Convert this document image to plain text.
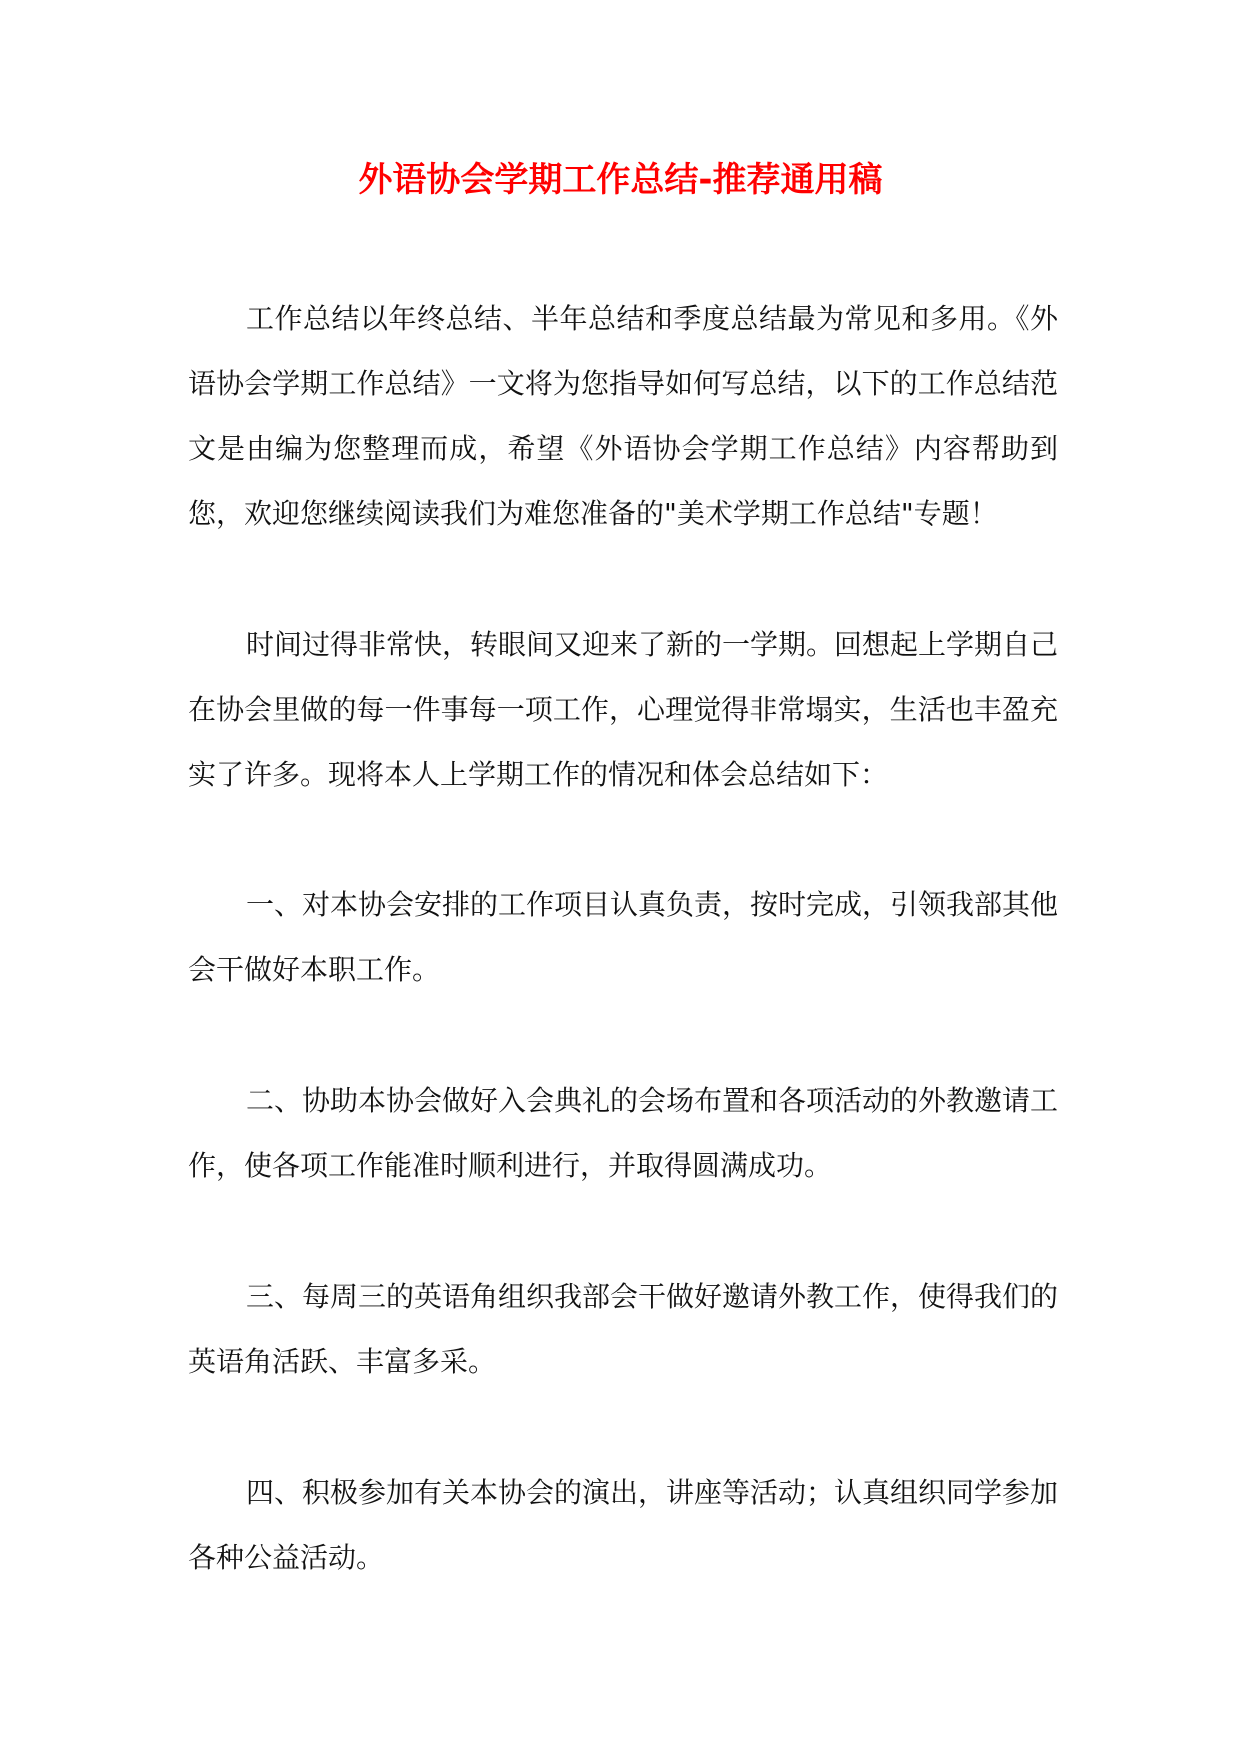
外语协会学期工作总结-推荐通用稿

工作总结以年终总结、半年总结和季度总结最为常见和多用。《外语协会学期工作总结》一文将为您指导如何写总结，以下的工作总结范文是由编为您整理而成，希望《外语协会学期工作总结》内容帮助到您，欢迎您继续阅读我们为难您准备的"美术学期工作总结"专题！

时间过得非常快，转眼间又迎来了新的一学期。回想起上学期自己在协会里做的每一件事每一项工作，心理觉得非常塌实，生活也丰盈充实了许多。现将本人上学期工作的情况和体会总结如下：

一、对本协会安排的工作项目认真负责，按时完成，引领我部其他会干做好本职工作。

二、协助本协会做好入会典礼的会场布置和各项活动的外教邀请工作，使各项工作能准时顺利进行，并取得圆满成功。

三、每周三的英语角组织我部会干做好邀请外教工作，使得我们的英语角活跃、丰富多采。

四、积极参加有关本协会的演出，讲座等活动；认真组织同学参加各种公益活动。
